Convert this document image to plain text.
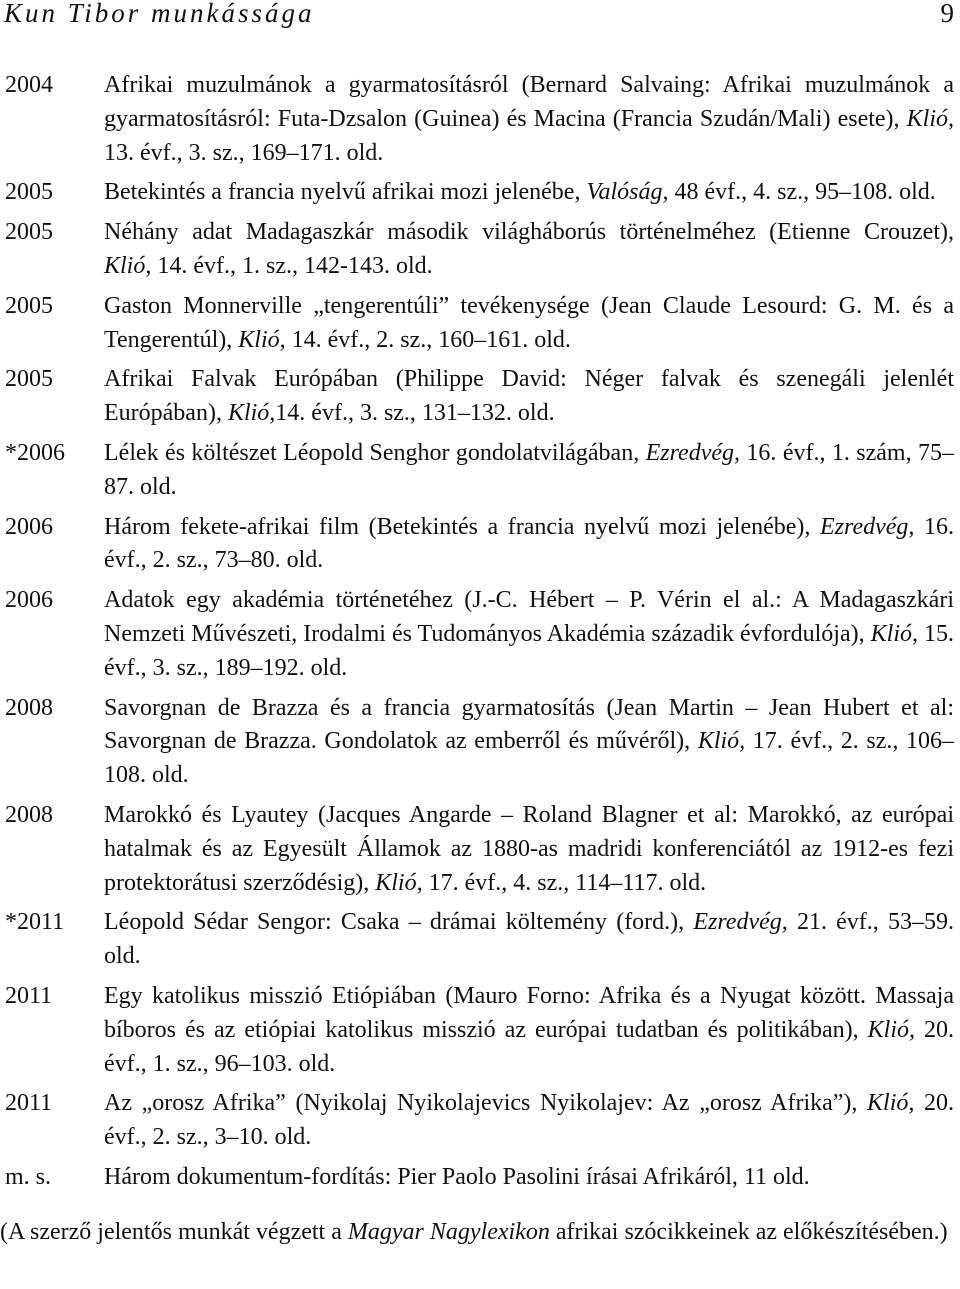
Kun Tibor munkássága	9
2004	Afrikai muzulmánok a gyarmatosításról (Bernard Salvaing: Afrikai muzulmánok a gyarmatosításról: Futa-Dzsalon (Guinea) és Macina (Francia Szudán/Mali) esete), Klió, 13. évf., 3. sz., 169–171. old.
2005	Betekintés a francia nyelvű afrikai mozi jelenébe, Valóság, 48 évf., 4. sz., 95–108. old.
2005	Néhány adat Madagaszkár második világháborús történelméhez (Etienne Crouzet), Klió, 14. évf., 1. sz., 142-143. old.
2005	Gaston Monnerville „tengerentúli” tevékenysége (Jean Claude Lesourd: G. M. és a Tengerentúl), Klió, 14. évf., 2. sz., 160–161. old.
2005	Afrikai Falvak Európában (Philippe David: Néger falvak és szenegáli jelenlét Európában), Klió,14. évf., 3. sz., 131–132. old.
*2006	Lélek és költészet Léopold Senghor gondolatvilágában, Ezredvég, 16. évf., 1. szám, 75–87. old.
2006	Három fekete-afrikai film (Betekintés a francia nyelvű mozi jelenébe), Ezredvég, 16. évf., 2. sz., 73–80. old.
2006	Adatok egy akadémia történetéhez (J.-C. Hébert – P. Vérin el al.: A Madagaszkári Nemzeti Művészeti, Irodalmi és Tudományos Akadémia századik évfordulója), Klió, 15. évf., 3. sz., 189–192. old.
2008	Savorgnan de Brazza és a francia gyarmatosítás (Jean Martin – Jean Hubert et al: Savorgnan de Brazza. Gondolatok az emberről és művéről), Klió, 17. évf., 2. sz., 106–108. old.
2008	Marokkó és Lyautey (Jacques Angarde – Roland Blagner et al: Marokkó, az európai hatalmak és az Egyesült Államok az 1880-as madridi konferenciától az 1912-es fezi protektorátusi szerződésig), Klió, 17. évf., 4. sz., 114–117. old.
*2011	Léopold Sédar Sengor: Csaka – drámai költemény (ford.), Ezredvég, 21. évf., 53–59. old.
2011	Egy katolikus misszió Etiópiában (Mauro Forno: Afrika és a Nyugat között. Massaja bíboros és az etiópiai katolikus misszió az európai tudatban és politikában), Klió, 20. évf., 1. sz., 96–103. old.
2011	Az „orosz Afrika” (Nyikolaj Nyikolajevics Nyikolajev: Az „orosz Afrika”), Klió, 20. évf., 2. sz., 3–10. old.
m. s.	Három dokumentum-fordítás: Pier Paolo Pasolini írásai Afrikáról, 11 old.
(A szerző jelentős munkát végzett a Magyar Nagylexikon afrikai szócikkeinek az előkészítésében.)
